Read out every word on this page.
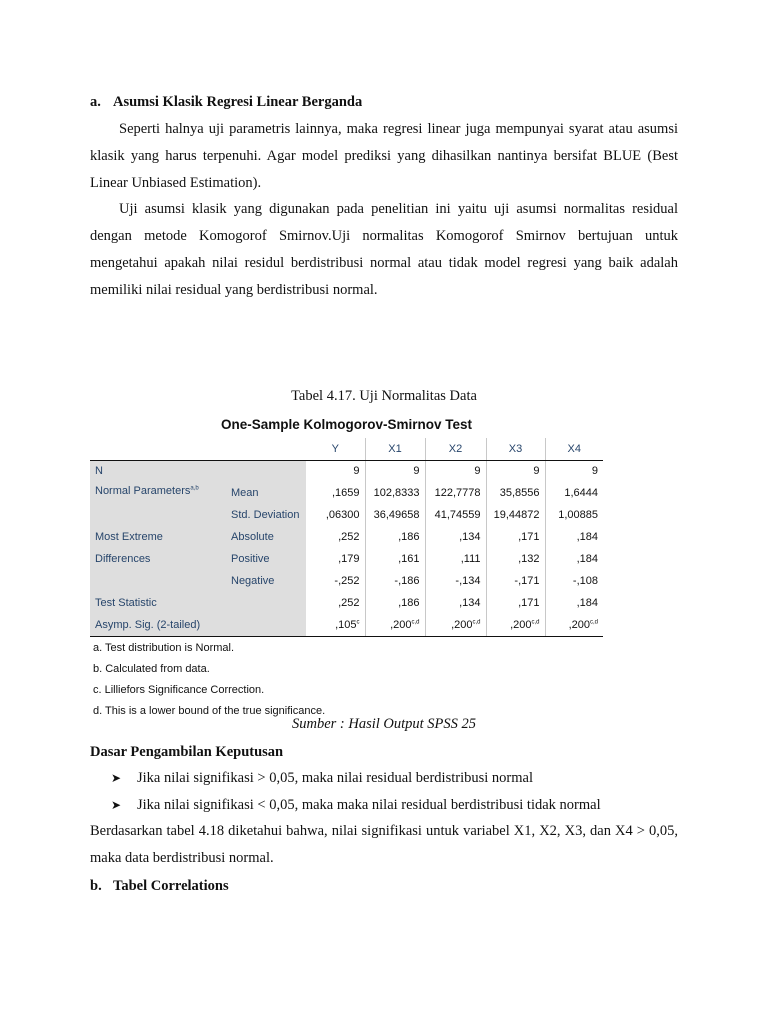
a. Asumsi Klasik Regresi Linear Berganda

Seperti halnya uji parametris lainnya, maka regresi linear juga mempunyai syarat atau asumsi klasik yang harus terpenuhi. Agar model prediksi yang dihasilkan nantinya bersifat BLUE (Best Linear Unbiased Estimation).

Uji asumsi klasik yang digunakan pada penelitian ini yaitu uji asumsi normalitas residual dengan metode Komogorof Smirnov.Uji normalitas Komogorof Smirnov bertujuan untuk mengetahui apakah nilai residul berdistribusi normal atau tidak model regresi yang baik adalah memiliki nilai residual yang berdistribusi normal.

Tabel 4.17. Uji Normalitas Data
One-Sample Kolmogorov-Smirnov Test
		Y	X1	X2	X3	X4
N		9	9	9	9	9
Normal Parameters$^{a,b}$	Mean	,1659	102,8333	122,7778	35,8556	1,6444
	Std. Deviation	,06300	36,49658	41,74559	19,44872	1,00885

Most Extreme
Differences	Absolute	,252	,186	,134	,171	,184
	Positive	,179	,161	,111	,132	,184
	Negative	-,252	-,186	-,134	-,171	-,108
Test Statistic		,252	,186	,134	,171	,184
Asymp. Sig. (2-tailed)		,105$^c$	,200$^{c,d}$	,200$^{c,d}$	,200$^{c,d}$	,200$^{c,d}$
a. Test distribution is Normal.
b. Calculated from data.
c. Lilliefors Significance Correction.
d. This is a lower bound of the true significance.
Sumber : Hasil Output SPSS 25
Dasar Pengambilan Keputusan
➤ Jika nilai signifikasi > 0,05, maka nilai residual berdistribusi normal
➤ Jika nilai signifikasi < 0,05, maka maka nilai residual berdistribusi tidak normal

Berdasarkan tabel 4.18 diketahui bahwa, nilai signifikasi untuk variabel X1, X2, X3, dan X4 > 0,05, maka data berdistribusi normal.

b. Tabel Correlations
